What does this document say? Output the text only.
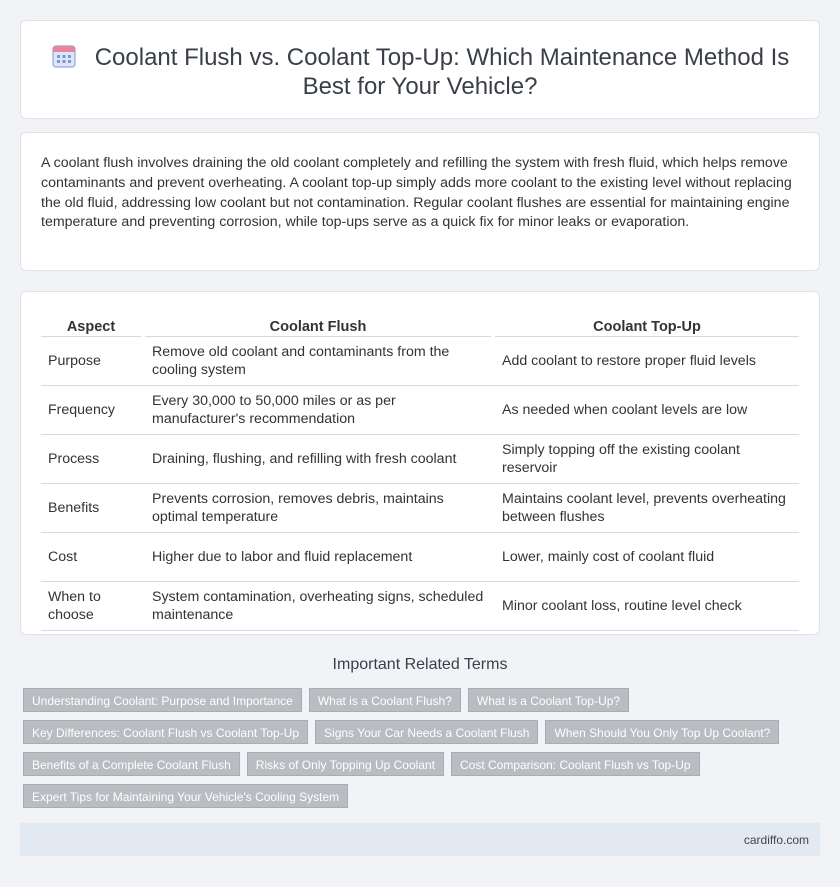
Coolant Flush vs. Coolant Top-Up: Which Maintenance Method Is Best for Your Vehicle?

A coolant flush involves draining the old coolant completely and refilling the system with fresh fluid, which helps remove contaminants and prevent overheating. A coolant top-up simply adds more coolant to the existing level without replacing the old fluid, addressing low coolant but not contamination. Regular coolant flushes are essential for maintaining engine temperature and preventing corrosion, while top-ups serve as a quick fix for minor leaks or evaporation.

Aspect		Coolant Flush		Coolant Top-Up
Purpose		Remove old coolant and contaminants from the cooling system		Add coolant to restore proper fluid levels
Frequency		Every 30,000 to 50,000 miles or as per manufacturer's recommendation		As needed when coolant levels are low
Process		Draining, flushing, and refilling with fresh coolant		Simply topping off the existing coolant reservoir
Benefits		Prevents corrosion, removes debris, maintains optimal temperature		Maintains coolant level, prevents overheating between flushes
Cost		Higher due to labor and fluid replacement		Lower, mainly cost of coolant fluid
When to choose		System contamination, overheating signs, scheduled maintenance		Minor coolant loss, routine level check
Important Related Terms
Understanding Coolant: Purpose and Importance	What is a Coolant Flush?	What is a Coolant Top-Up?
Key Differences: Coolant Flush vs Coolant Top-Up	Signs Your Car Needs a Coolant Flush	When Should You Only Top Up Coolant?
Benefits of a Complete Coolant Flush	Risks of Only Topping Up Coolant	Cost Comparison: Coolant Flush vs Top-Up
Expert Tips for Maintaining Your Vehicle's Cooling System
cardiffo.com
